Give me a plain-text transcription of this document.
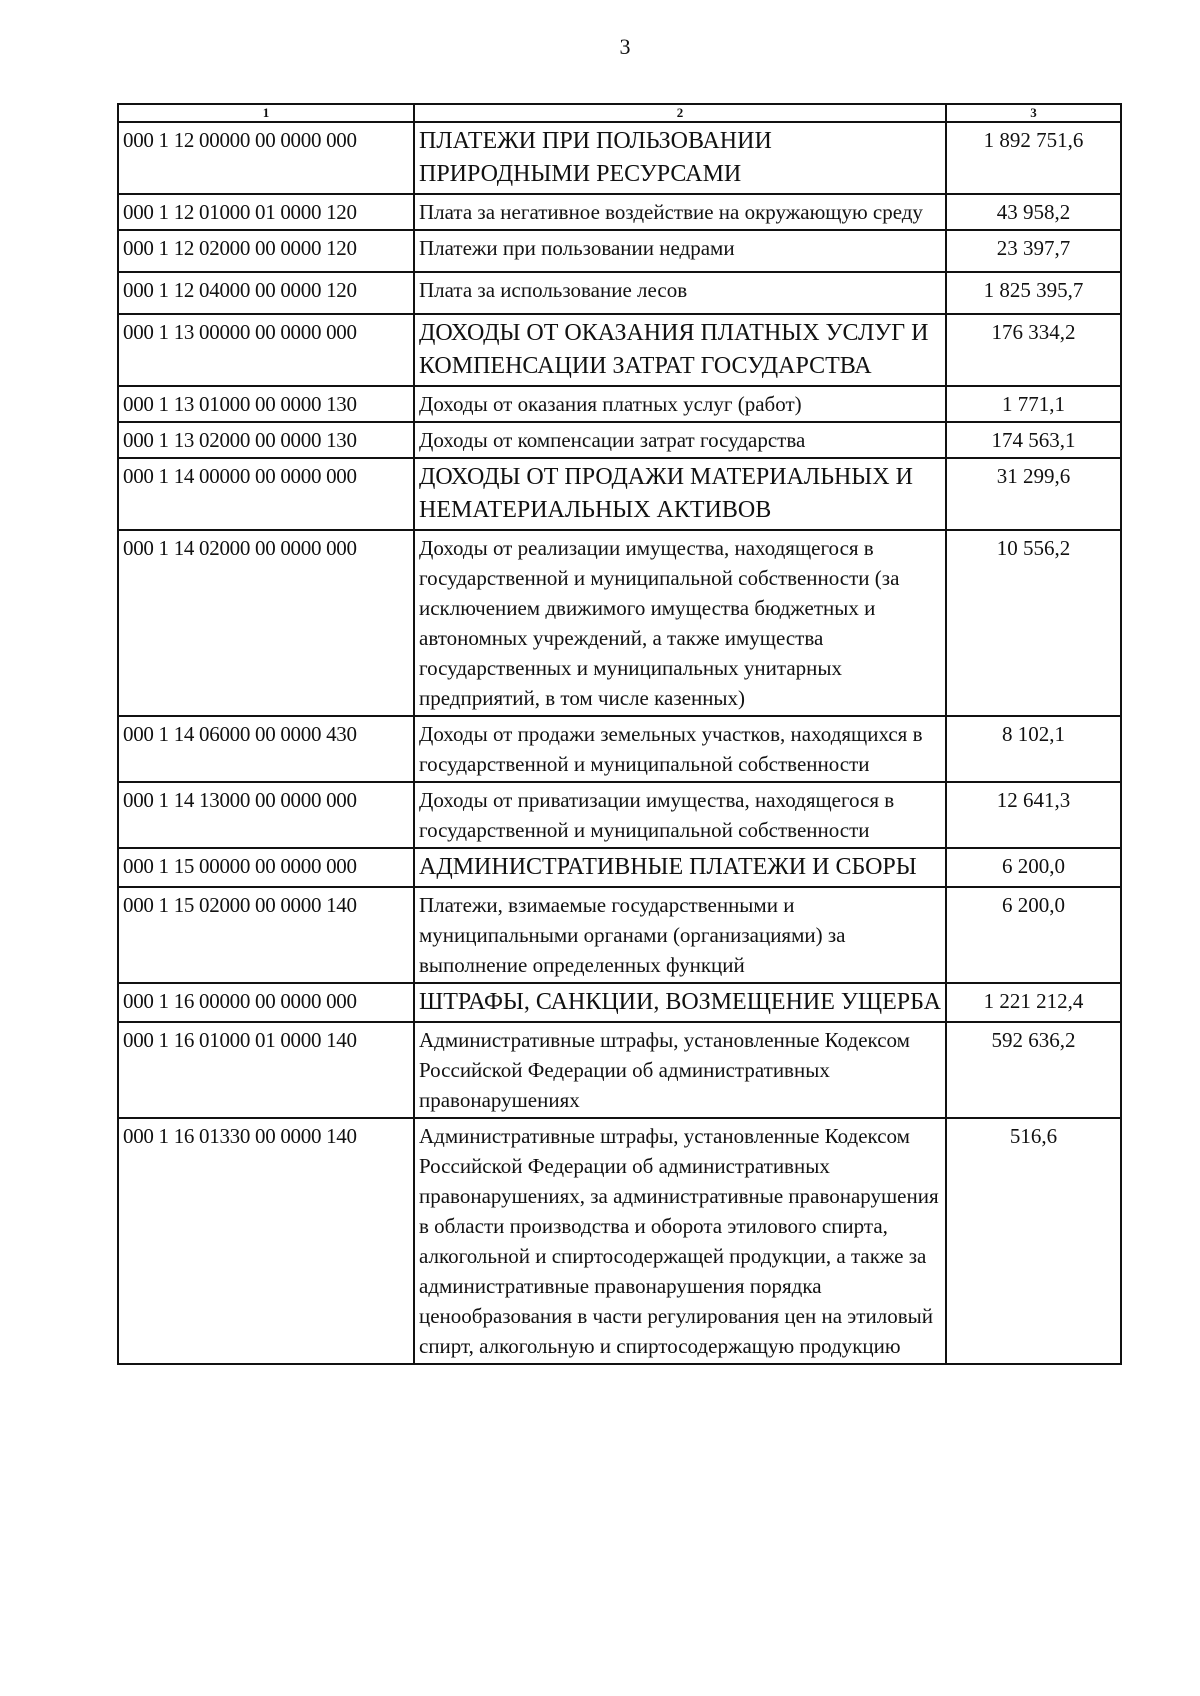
3
1	2	3
000 1 12 00000 00 0000 000	ПЛАТЕЖИ ПРИ ПОЛЬЗОВАНИИ ПРИРОДНЫМИ РЕСУРСАМИ	1 892 751,6
000 1 12 01000 01 0000 120	Плата за негативное воздействие на окружающую среду	43 958,2
000 1 12 02000 00 0000 120	Платежи при пользовании недрами	23 397,7
000 1 12 04000 00 0000 120	Плата за использование лесов	1 825 395,7
000 1 13 00000 00 0000 000	ДОХОДЫ ОТ ОКАЗАНИЯ ПЛАТНЫХ УСЛУГ И КОМПЕНСАЦИИ ЗАТРАТ ГОСУДАРСТВА	176 334,2
000 1 13 01000 00 0000 130	Доходы от оказания платных услуг (работ)	1 771,1
000 1 13 02000 00 0000 130	Доходы от компенсации затрат государства	174 563,1
000 1 14 00000 00 0000 000	ДОХОДЫ ОТ ПРОДАЖИ МАТЕРИАЛЬНЫХ И НЕМАТЕРИАЛЬНЫХ АКТИВОВ	31 299,6
000 1 14 02000 00 0000 000	Доходы от реализации имущества, находящегося в государственной и муниципальной собственности (за исключением движимого имущества бюджетных и автономных учреждений, а также имущества государственных и муниципальных унитарных предприятий, в том числе казенных)	10 556,2
000 1 14 06000 00 0000 430	Доходы от продажи земельных участков, находящихся в государственной и муниципальной собственности	8 102,1
000 1 14 13000 00 0000 000	Доходы от приватизации имущества, находящегося в государственной и муниципальной собственности	12 641,3
000 1 15 00000 00 0000 000	АДМИНИСТРАТИВНЫЕ ПЛАТЕЖИ И СБОРЫ	6 200,0
000 1 15 02000 00 0000 140	Платежи, взимаемые государственными и муниципальными органами (организациями) за выполнение определенных функций	6 200,0
000 1 16 00000 00 0000 000	ШТРАФЫ, САНКЦИИ, ВОЗМЕЩЕНИЕ УЩЕРБА	1 221 212,4
000 1 16 01000 01 0000 140	Административные штрафы, установленные Кодексом Российской Федерации об административных правонарушениях	592 636,2
000 1 16 01330 00 0000 140	Административные штрафы, установленные Кодексом Российской Федерации об административных правонарушениях, за административные правонарушения в области производства и оборота этилового спирта, алкогольной и спиртосодержащей продукции, а также за административные правонарушения порядка ценообразования в части регулирования цен на этиловый спирт, алкогольную и спиртосодержащую продукцию	516,6
